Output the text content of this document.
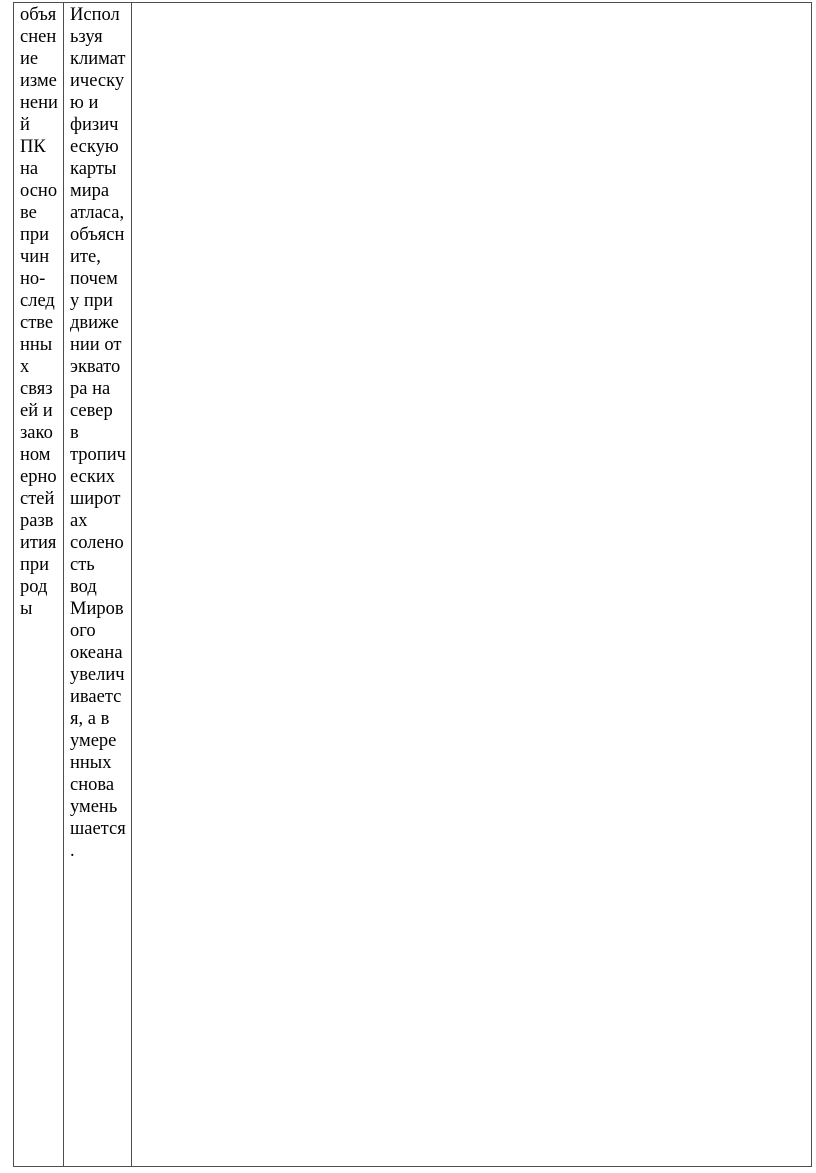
объяснение изменений ПК на основе причинно-следственных связей и закономерностей развития природы	Используя климатическую и физическую карты мира атласа, объясните, почему при движении от экватора на север в тропических широтах соленость вод Мирового океана увеличивается, а в умеренных снова уменьшается.	
